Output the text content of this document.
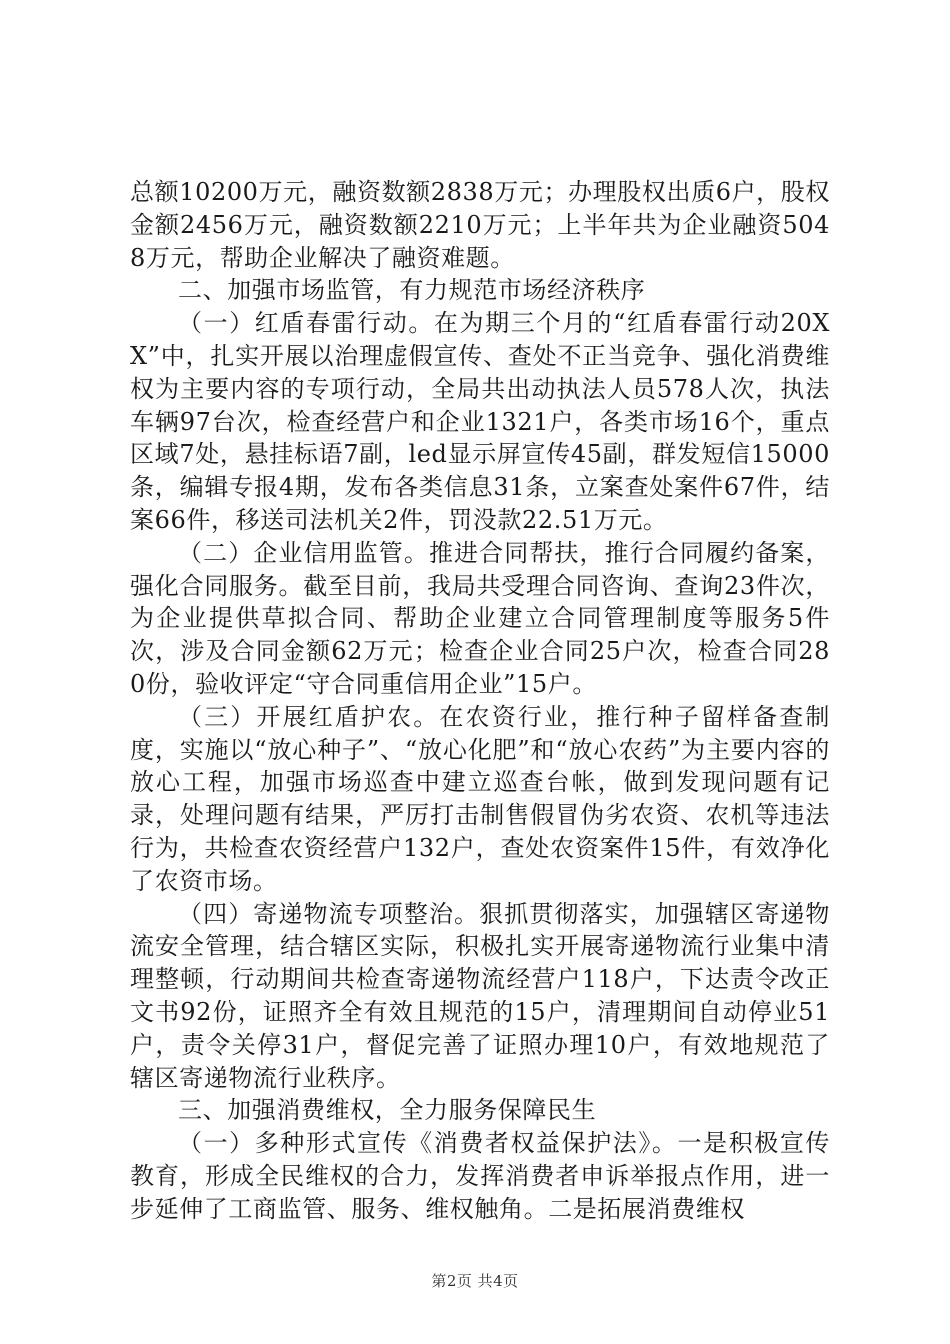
总额10200万元，融资数额2838万元；办理股权出质6户，股权金额2456万元，融资数额2210万元；上半年共为企业融资5048万元，帮助企业解决了融资难题。

二、加强市场监管，有力规范市场经济秩序

（一）红盾春雷行动。在为期三个月的“红盾春雷行动20XX”中，扎实开展以治理虚假宣传、查处不正当竞争、强化消费维权为主要内容的专项行动，全局共出动执法人员578人次，执法车辆97台次，检查经营户和企业1321户，各类市场16个，重点区域7处，悬挂标语7副，led显示屏宣传45副，群发短信15000条，编辑专报4期，发布各类信息31条，立案查处案件67件，结案66件，移送司法机关2件，罚没款22.51万元。

（二）企业信用监管。推进合同帮扶，推行合同履约备案，强化合同服务。截至目前，我局共受理合同咨询、查询23件次，为企业提供草拟合同、帮助企业建立合同管理制度等服务5件次，涉及合同金额62万元；检查企业合同25户次，检查合同280份，验收评定“守合同重信用企业”15户。

（三）开展红盾护农。在农资行业，推行种子留样备查制度，实施以“放心种子”、“放心化肥”和“放心农药”为主要内容的放心工程，加强市场巡查中建立巡查台帐，做到发现问题有记录，处理问题有结果，严厉打击制售假冒伪劣农资、农机等违法行为，共检查农资经营户132户，查处农资案件15件，有效净化了农资市场。

（四）寄递物流专项整治。狠抓贯彻落实，加强辖区寄递物流安全管理，结合辖区实际，积极扎实开展寄递物流行业集中清理整顿，行动期间共检查寄递物流经营户118户，下达责令改正文书92份，证照齐全有效且规范的15户，清理期间自动停业51户，责令关停31户，督促完善了证照办理10户，有效地规范了辖区寄递物流行业秩序。

三、加强消费维权，全力服务保障民生

（一）多种形式宣传《消费者权益保护法》。一是积极宣传教育，形成全民维权的合力，发挥消费者申诉举报点作用，进一步延伸了工商监管、服务、维权触角。二是拓展消费维权

第2页 共4页
